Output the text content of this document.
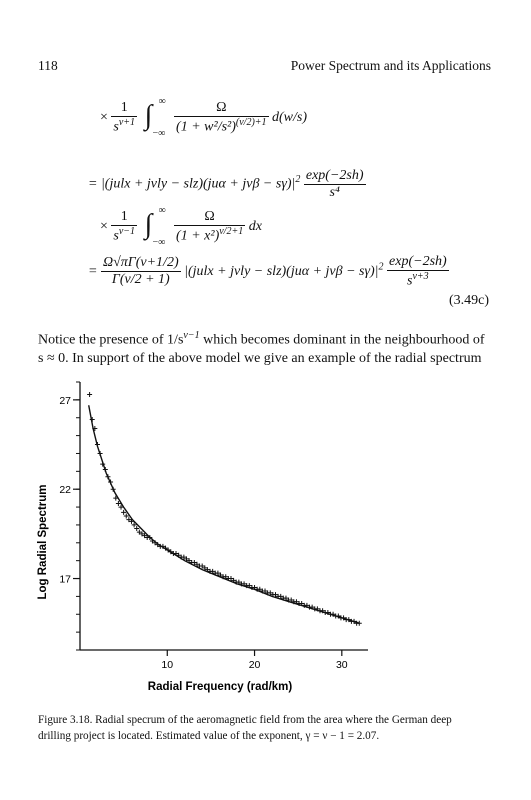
118	Power Spectrum and its Applications
× $\frac{1}{s^{\nu+1}}$
∫ ∞
−∞
$\frac{\Omega}{(1 + w^2/s^2)^{(\nu/2)+1}} d(w/s)$
= |(julx + jvly − $slz)(ju\alpha + jv\beta - s\gamma)|^2 \frac{\exp(-2sh)}{\text{s⁴}}$
× $\frac{1}{s^{\nu-1}}$
∫ ∞
−∞
$\frac{\Omega}{(1 + x^2)^{\nu/2+1}}$ dx
= $\frac{\Omega√\pi\Gamma(\nu+1/2)}{\Gamma(\nu/2 + 1)}$ |(julx + jvly − $slz)(ju\alpha + jv\beta - s\gamma)|^2 \frac{\exp(-2sh)}{s^{\nu+3}}$
(3.49c)
Notice the presence of $1/s^{\nu-1}$ which becomes dominant in the neighbourhood of
s ≈ 0. In support of the above model we give an example of the radial spectrum
27
22
17
10	20	30
Log Radial Spectrum
Radial Frequency (rad/km)
Figure 3.18. Radial specrum of the aeromagnetic field from the area where the German deep
drilling project is located. Estimated value of the exponent, γ = ν − 1 = 2.07.
